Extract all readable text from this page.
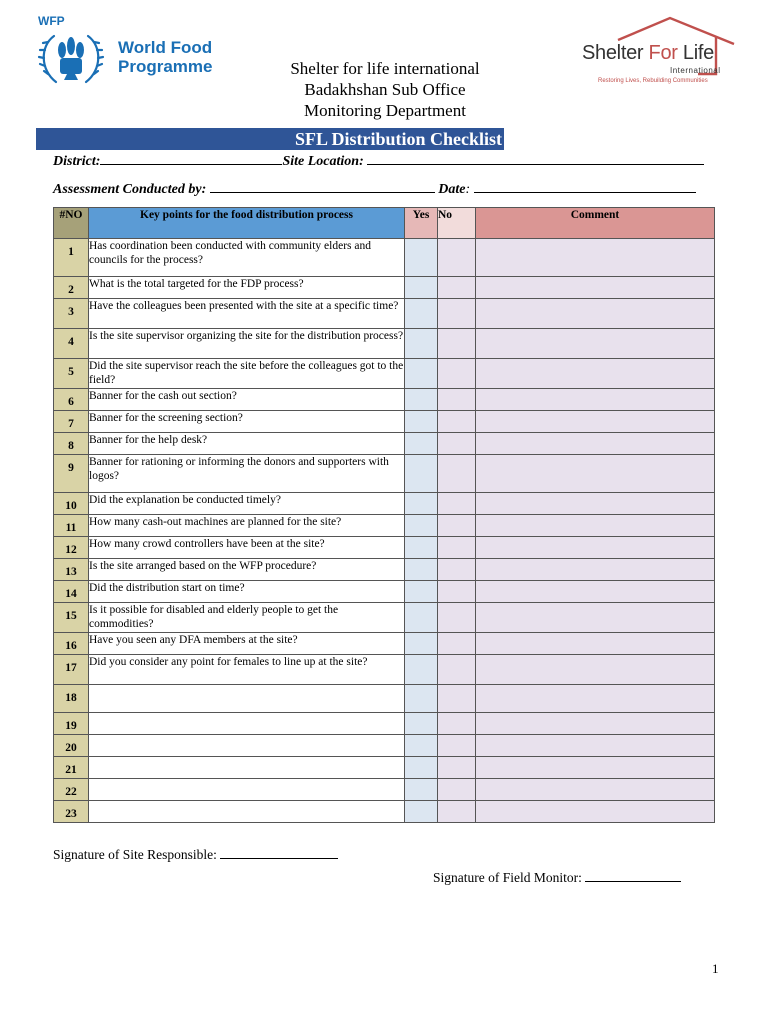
WFP
World Food
Programme	Shelter for life international
Badakhshan Sub Office
Monitoring Department
Shelter For Life
International
Restoring Lives, Rebuilding Communities
SFL Distribution Checklist
District:	Site Location:
Assessment Conducted by:	Date:
#NO	Key points for the food distribution process	Yes	No	Comment
1	Has coordination been conducted with community elders and councils for the process?			
2	What is the total targeted for the FDP process?			
3	Have the colleagues been presented with the site at a specific time?			
4	Is the site supervisor organizing the site for the distribution process?			
5	Did the site supervisor reach the site before the colleagues got to the field?			
6	Banner for the cash out section?			
7	Banner for the screening section?			
8	Banner for the help desk?			
9	Banner for rationing or informing the donors and supporters with logos?			
10	Did the explanation be conducted timely?			
11	How many cash-out machines are planned for the site?			
12	How many crowd controllers have been at the site?			
13	Is the site arranged based on the WFP procedure?			
14	Did the distribution start on time?			
15	Is it possible for disabled and elderly people to get the commodities?			
16	Have you seen any DFA members at the site?			
17	Did you consider any point for females to line up at the site?			
18				
19				
20				
21				
22				
23				
Signature of Site Responsible:
Signature of Field Monitor:
1
